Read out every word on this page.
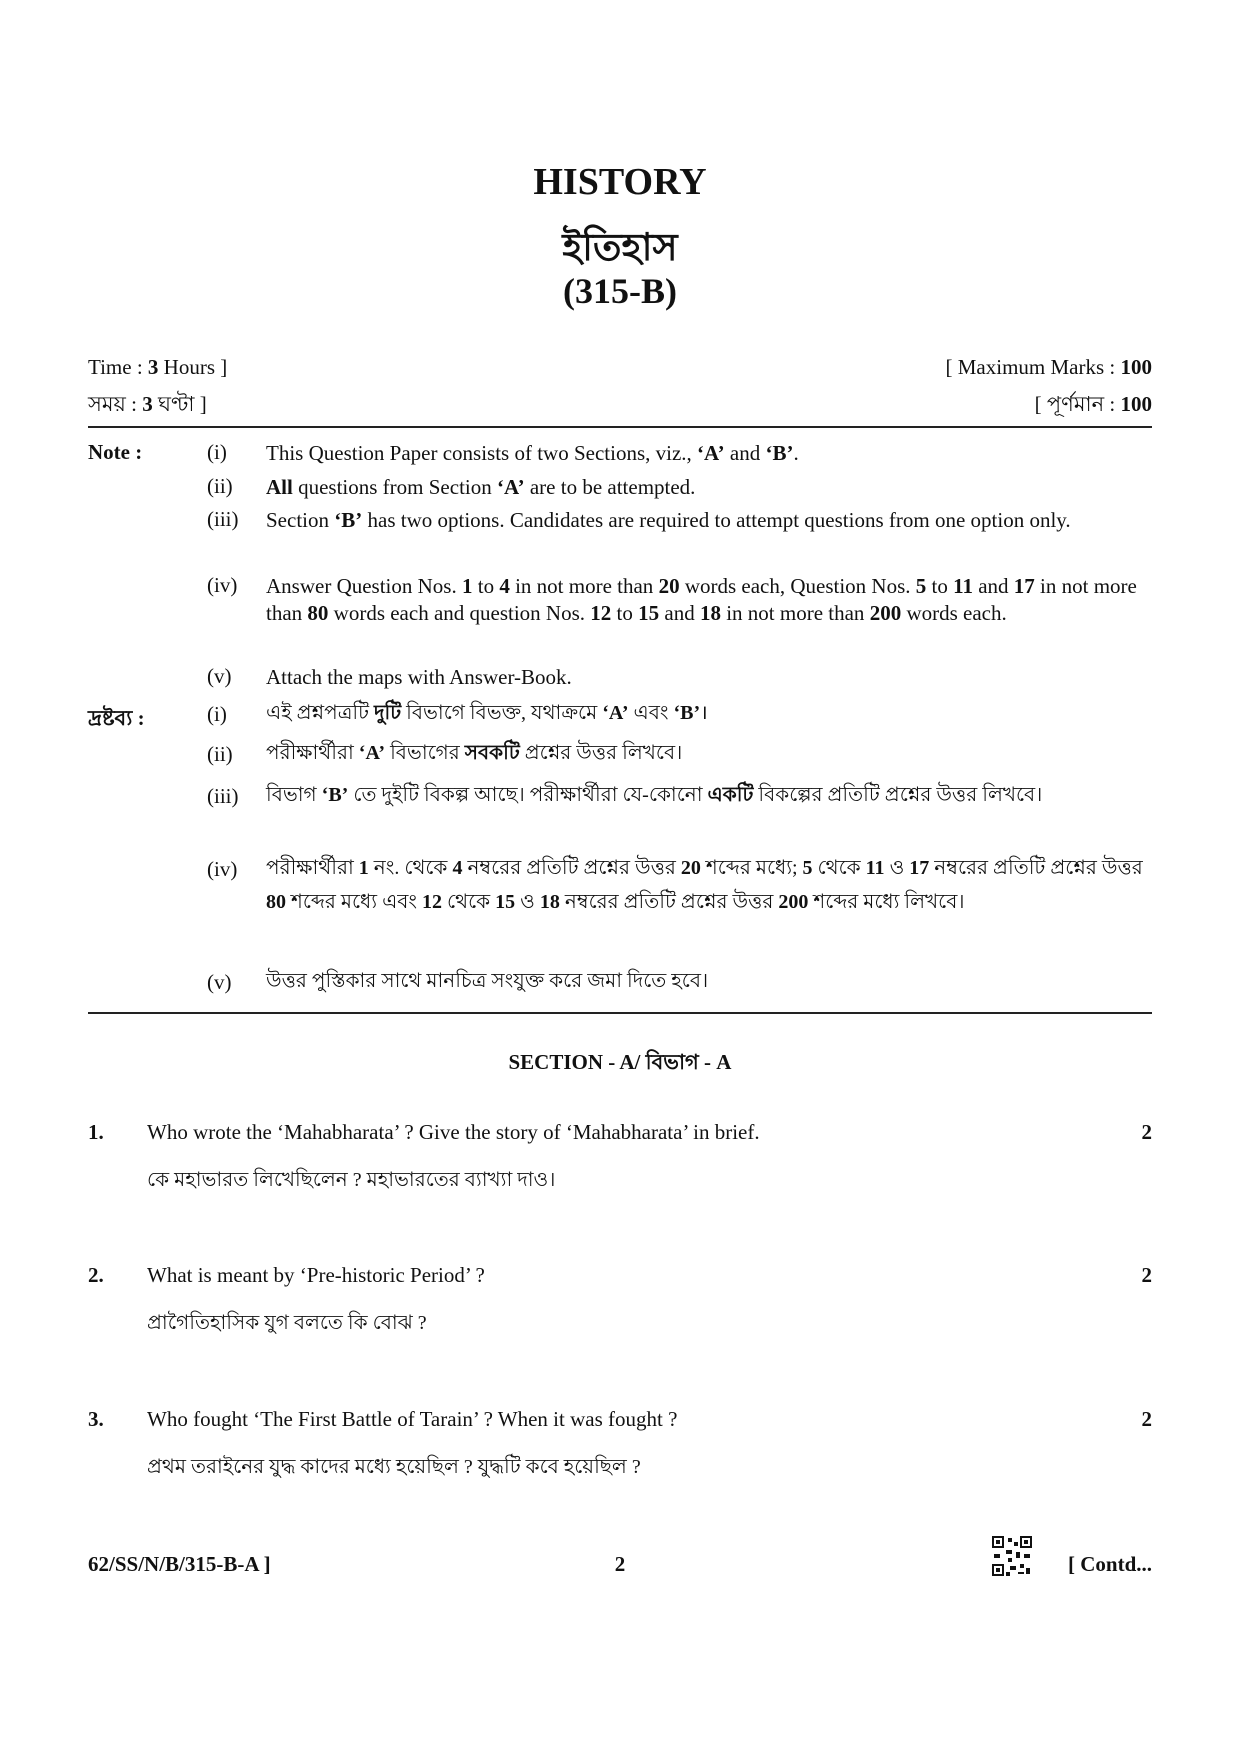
HISTORY
ইতিহাস
(315-B)
Time : 3 Hours ]
সময় : 3 ঘণ্টা ]
[ Maximum Marks : 100
[ পূর্ণমান : 100
Note :	(i) This Question Paper consists of two Sections, viz., ‘A’ and ‘B’.
(ii) All questions from Section ‘A’ are to be attempted.
(iii) Section ‘B’ has two options. Candidates are required to attempt questions from one option only.
(iv) Answer Question Nos. 1 to 4 in not more than 20 words each, Question Nos. 5 to 11 and 17 in not more than 80 words each and question Nos. 12 to 15 and 18 in not more than 200 words each.
(v) Attach the maps with Answer-Book.
দ্রষ্টব্য :	(i) এই প্রশ্নপত্রটি দুটি বিভাগে বিভক্ত, যথাক্রমে ‘A’ এবং ‘B’।
(ii) পরীক্ষার্থীরা ‘A’ বিভাগের সবকটি প্রশ্নের উত্তর লিখবে।
(iii) বিভাগ ‘B’ তে দুইটি বিকল্প আছে। পরীক্ষার্থীরা যে-কোনো একটি বিকল্পের প্রতিটি প্রশ্নের উত্তর লিখবে।
(iv) পরীক্ষার্থীরা 1 নং. থেকে 4 নম্বরের প্রতিটি প্রশ্নের উত্তর 20 শব্দের মধ্যে; 5 থেকে 11 ও 17 নম্বরের প্রতিটি প্রশ্নের উত্তর 80 শব্দের মধ্যে এবং 12 থেকে 15 ও 18 নম্বরের প্রতিটি প্রশ্নের উত্তর 200 শব্দের মধ্যে লিখবে।
(v) উত্তর পুস্তিকার সাথে মানচিত্র সংযুক্ত করে জমা দিতে হবে।
SECTION - A/ বিভাগ - A
1. Who wrote the ‘Mahabharata’ ? Give the story of ‘Mahabharata’ in brief.	2
কে মহাভারত লিখেছিলেন ? মহাভারতের ব্যাখ্যা দাও।
2. What is meant by ‘Pre-historic Period’ ?	2
প্রাগৈতিহাসিক যুগ বলতে কি বোঝ ?
3. Who fought ‘The First Battle of Tarain’ ? When it was fought ?	2
প্রথম তরাইনের যুদ্ধ কাদের মধ্যে হয়েছিল ? যুদ্ধটি কবে হয়েছিল ?
62/SS/N/B/315-B-A ]	2	[ Contd...
